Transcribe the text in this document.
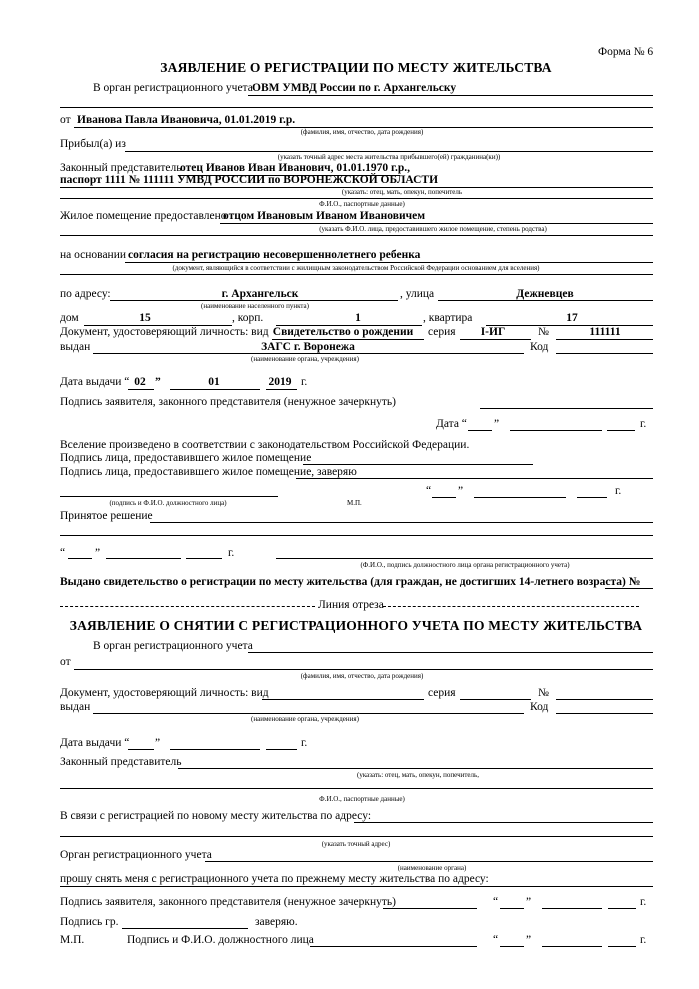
Форма № 6
ЗАЯВЛЕНИЕ О РЕГИСТРАЦИИ ПО МЕСТУ ЖИТЕЛЬСТВА
В орган регистрационного учета ОВМ УМВД России по г. Архангельску
от Иванова Павла Ивановича, 01.01.2019 г.р.
(фамилия, имя, отчество, дата рождения)
Прибыл(а) из
(указать точный адрес места жительства прибывшего(ей) гражданина(ки))
Законный представитель
отец Иванов Иван Иванович, 01.01.1970 г.р.,
паспорт 1111 № 111111 УМВД РОССИИ по ВОРОНЕЖСКОЙ ОБЛАСТИ
(указать: отец, мать, опекун, попечитель
Ф.И.О., паспортные данные)
Жилое помещение предоставлено
отцом Ивановым Иваном Ивановичем
(указать Ф.И.О. лица, предоставившего жилое помещение, степень родства)
на основании согласия на регистрацию несовершеннолетнего ребенка
(документ, являющийся в соответствии с жилищным законодательством Российской Федерации основанием для вселения)
по адресу:	г. Архангельск
(наименование населенного пункта)
, улица	Дежневцев
дом	15	, корп.	1	, квартира	17
Документ, удостоверяющий личность: вид Свидетельство о рождении серия I-ИГ	№	111111
выдан	ЗАГС г. Воронежа
(наименование органа, учреждения)
Код
Дата выдачи “ 02 ”	01	2019 г.
Подпись заявителя, законного представителя (ненужное зачеркнуть)
Дата “ ”	г.
Вселение произведено в соответствии с законодательством Российской Федерации.
Подпись лица, предоставившего жилое помещение
Подпись лица, предоставившего жилое помещение, заверяю
“ ”	г.
(подпись и Ф.И.О. должностного лица)	М.П.
Принятое решение
“	”	г.
(Ф.И.О., подпись должностного лица органа регистрационного учета)
Выдано свидетельство о регистрации по месту жительства (для граждан, не достигших 14-летнего возраста) №
Линия отреза
ЗАЯВЛЕНИЕ О СНЯТИИ С РЕГИСТРАЦИОННОГО УЧЕТА ПО МЕСТУ ЖИТЕЛЬСТВА
В орган регистрационного учета
от
(фамилия, имя, отчество, дата рождения)
Документ, удостоверяющий личность: вид	серия	№
выдан
(наименование органа, учреждения)
Код
Дата выдачи “ ”	г.
Законный представитель
(указать: отец, мать, опекун, попечитель,
Ф.И.О., паспортные данные)
В связи с регистрацией по новому месту жительства по адресу:
(указать точный адрес)
Орган регистрационного учета
(наименование органа)
прошу снять меня с регистрационного учета по прежнему месту жительства по адресу:
Подпись заявителя, законного представителя (ненужное зачеркнуть)	“ ”	г.
Подпись гр.	заверяю.
М.П.	Подпись и Ф.И.О. должностного лица	“ ”	г.
